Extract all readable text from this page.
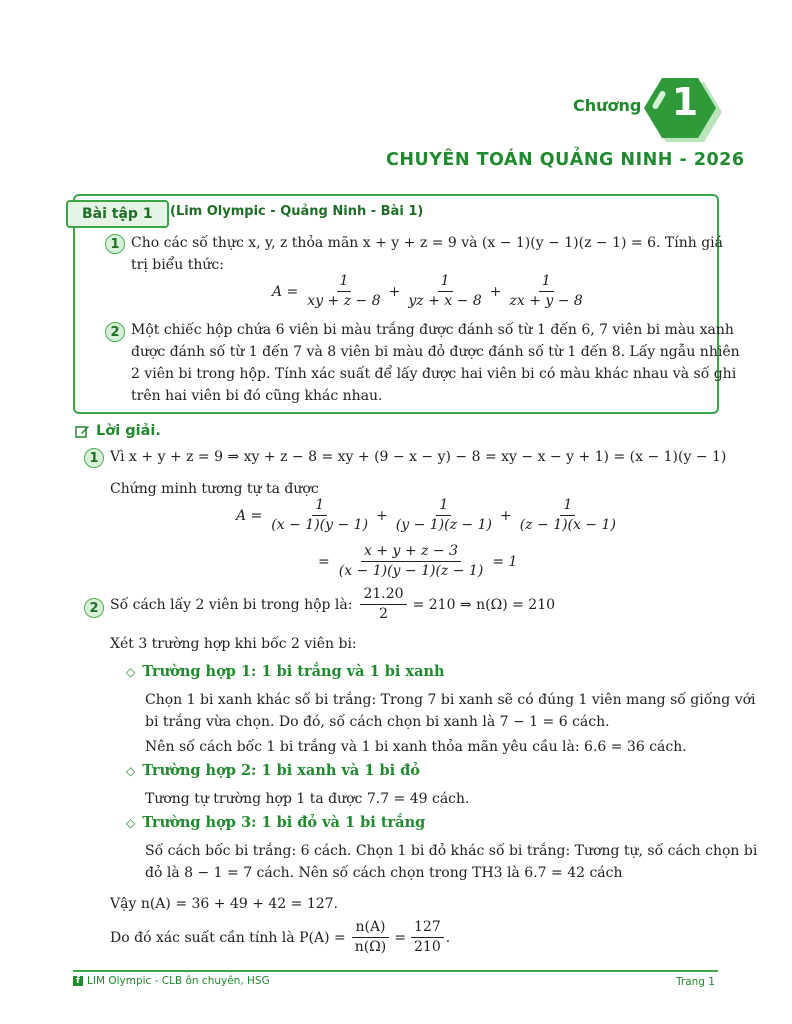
Chương 1
CHUYÊN TOÁN QUẢNG NINH - 2026
Bài tập 1 (Lim Olympic - Quảng Ninh - Bài 1)
1 Cho các số thực x, y, z thỏa mãn x + y + z = 9 và (x − 1)(y − 1)(z − 1) = 6. Tính giá
trị biểu thức:
$A = \frac{1}{xy + z - 8} + \frac{1}{yz + x - 8} + \frac{1}{zx + y - 8}$
2 Một chiếc hộp chứa 6 viên bi màu trắng được đánh số từ 1 đến 6, 7 viên bi màu xanh
được đánh số từ 1 đến 7 và 8 viên bi màu đỏ được đánh số từ 1 đến 8. Lấy ngẫu nhiên
2 viên bi trong hộp. Tính xác suất để lấy được hai viên bi có màu khác nhau và số ghi
trên hai viên bi đó cũng khác nhau.
Lời giải.
1 Vì x + y + z = 9 ⇒ xy + z − 8 = xy + (9 − x − y) − 8 = xy − x − y + 1) = (x − 1)(y − 1)
Chứng minh tương tự ta được
$A = \frac{1}{(x - 1)(y - 1)} + \frac{1}{(y - 1)(z - 1)} + \frac{1}{(z - 1)(x - 1)}$
= $\frac{x + y + z - 3}{(x - 1)(y - 1)(z - 1)} = 1$
2 Số cách lấy 2 viên bi trong hộp là: $\frac{21.20}{2} = 210$ ⇒ n(Ω) = 210
Xét 3 trường hợp khi bốc 2 viên bi:
◇ Trường hợp 1: 1 bi trắng và 1 bi xanh
Chọn 1 bi xanh khác số bi trắng: Trong 7 bi xanh sẽ có đúng 1 viên mang số giống với
bi trắng vừa chọn. Do đó, số cách chọn bi xanh là 7 − 1 = 6 cách.
Nên số cách bốc 1 bi trắng và 1 bi xanh thỏa mãn yêu cầu là: 6.6 = 36 cách.
◇ Trường hợp 2: 1 bi xanh và 1 bi đỏ
Tương tự trường hợp 1 ta được 7.7 = 49 cách.
◇ Trường hợp 3: 1 bi đỏ và 1 bi trắng
Số cách bốc bi trắng: 6 cách. Chọn 1 bi đỏ khác số bi trắng: Tương tự, số cách chọn bi
đỏ là 8 − 1 = 7 cách. Nên số cách chọn trong TH3 là 6.7 = 42 cách
Vậy n(A) = 36 + 49 + 42 = 127.
Do đó xác suất cần tính là $P(A) = \frac{n(A)}{n(\Omega)} = \frac{127}{210}$ .
f LIM Olympic - CLB ôn chuyên, HSG	Trang 1
